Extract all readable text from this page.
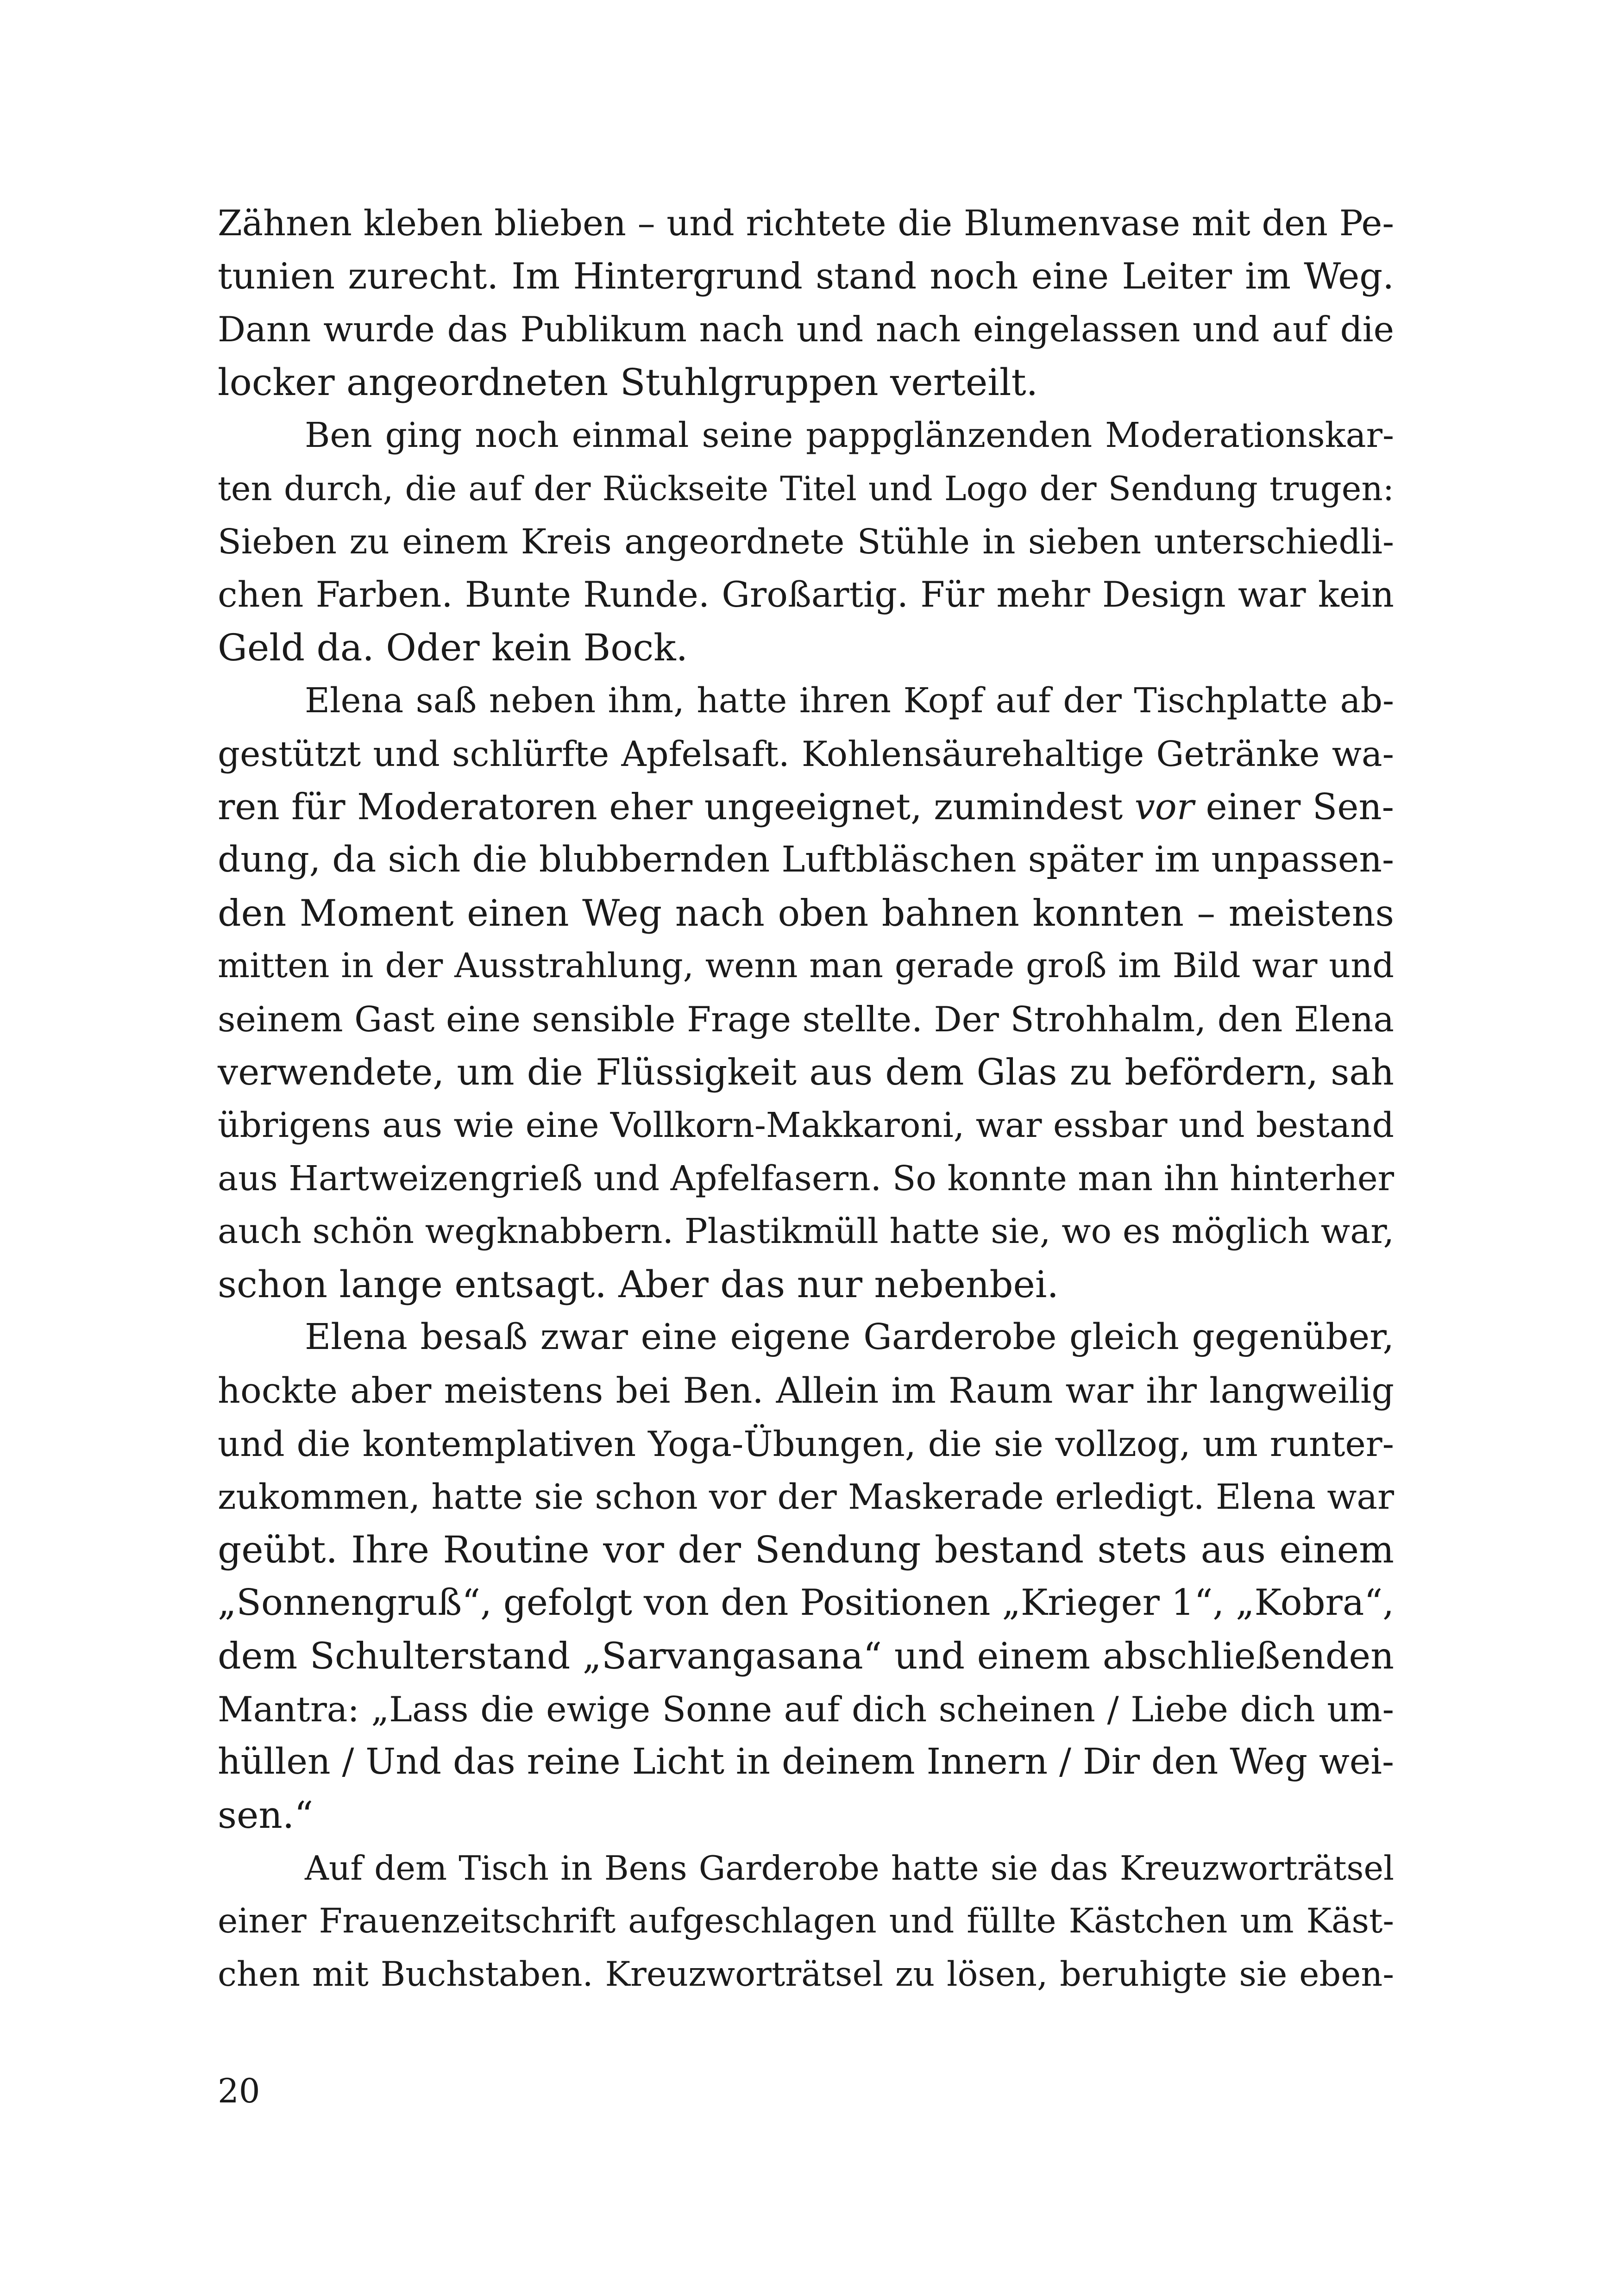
Zähnen kleben blieben – und richtete die Blumenvase mit den Pe-
tunien zurecht. Im Hintergrund stand noch eine Leiter im Weg.
Dann wurde das Publikum nach und nach eingelassen und auf die
locker angeordneten Stuhlgruppen verteilt.
Ben ging noch einmal seine pappglänzenden Moderationskar-
ten durch, die auf der Rückseite Titel und Logo der Sendung trugen:
Sieben zu einem Kreis angeordnete Stühle in sieben unterschiedli-
chen Farben. Bunte Runde. Großartig. Für mehr Design war kein
Geld da. Oder kein Bock.
Elena saß neben ihm, hatte ihren Kopf auf der Tischplatte ab-
gestützt und schlürfte Apfelsaft. Kohlensäurehaltige Getränke wa-
ren für Moderatoren eher ungeeignet, zumindest vor einer Sen-
dung, da sich die blubbernden Luftbläschen später im unpassen-
den Moment einen Weg nach oben bahnen konnten – meistens
mitten in der Ausstrahlung, wenn man gerade groß im Bild war und
seinem Gast eine sensible Frage stellte. Der Strohhalm, den Elena
verwendete, um die Flüssigkeit aus dem Glas zu befördern, sah
übrigens aus wie eine Vollkorn-Makkaroni, war essbar und bestand
aus Hartweizengrieß und Apfelfasern. So konnte man ihn hinterher
auch schön wegknabbern. Plastikmüll hatte sie, wo es möglich war,
schon lange entsagt. Aber das nur nebenbei.
Elena besaß zwar eine eigene Garderobe gleich gegenüber,
hockte aber meistens bei Ben. Allein im Raum war ihr langweilig
und die kontemplativen Yoga-Übungen, die sie vollzog, um runter-
zukommen, hatte sie schon vor der Maskerade erledigt. Elena war
geübt. Ihre Routine vor der Sendung bestand stets aus einem
„Sonnengruß“, gefolgt von den Positionen „Krieger 1“, „Kobra“,
dem Schulterstand „Sarvangasana“ und einem abschließenden
Mantra: „Lass die ewige Sonne auf dich scheinen / Liebe dich um-
hüllen / Und das reine Licht in deinem Innern / Dir den Weg wei-
sen.“
Auf dem Tisch in Bens Garderobe hatte sie das Kreuzworträtsel
einer Frauenzeitschrift aufgeschlagen und füllte Kästchen um Käst-
chen mit Buchstaben. Kreuzworträtsel zu lösen, beruhigte sie eben-
20
